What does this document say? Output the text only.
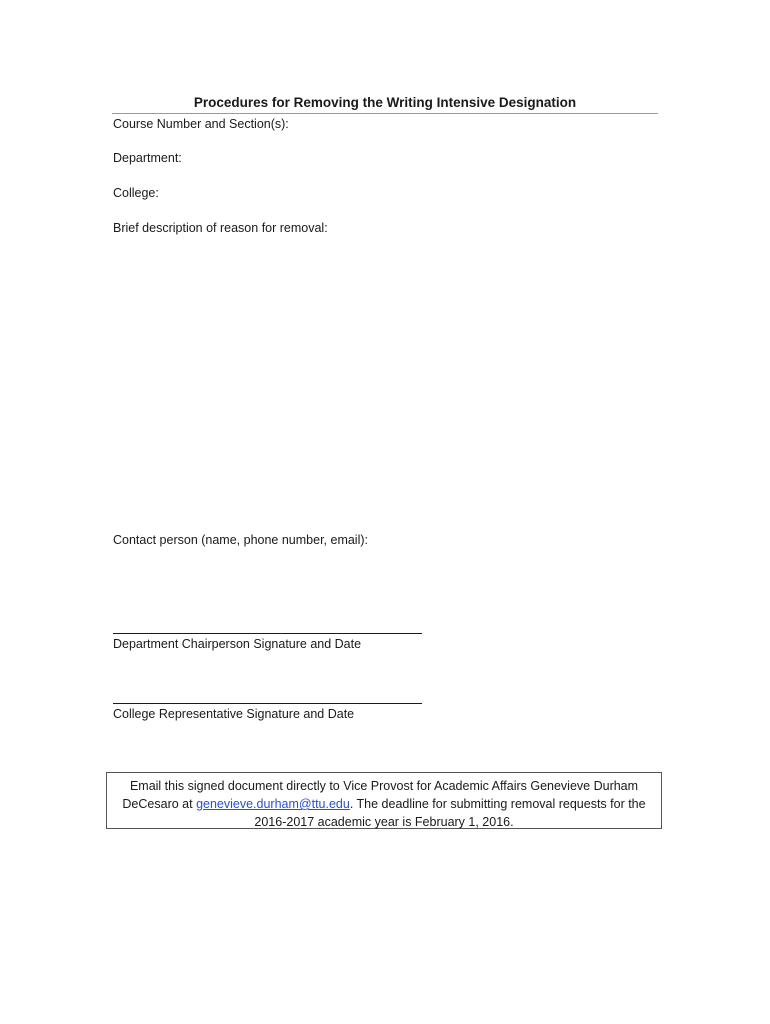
Procedures for Removing the Writing Intensive Designation
Course Number and Section(s):
Department:
College:
Brief description of reason for removal:
Contact person (name, phone number, email):
Department Chairperson Signature and Date
College Representative Signature and Date
Email this signed document directly to Vice Provost for Academic Affairs Genevieve Durham DeCesaro at genevieve.durham@ttu.edu. The deadline for submitting removal requests for the 2016-2017 academic year is February 1, 2016.
